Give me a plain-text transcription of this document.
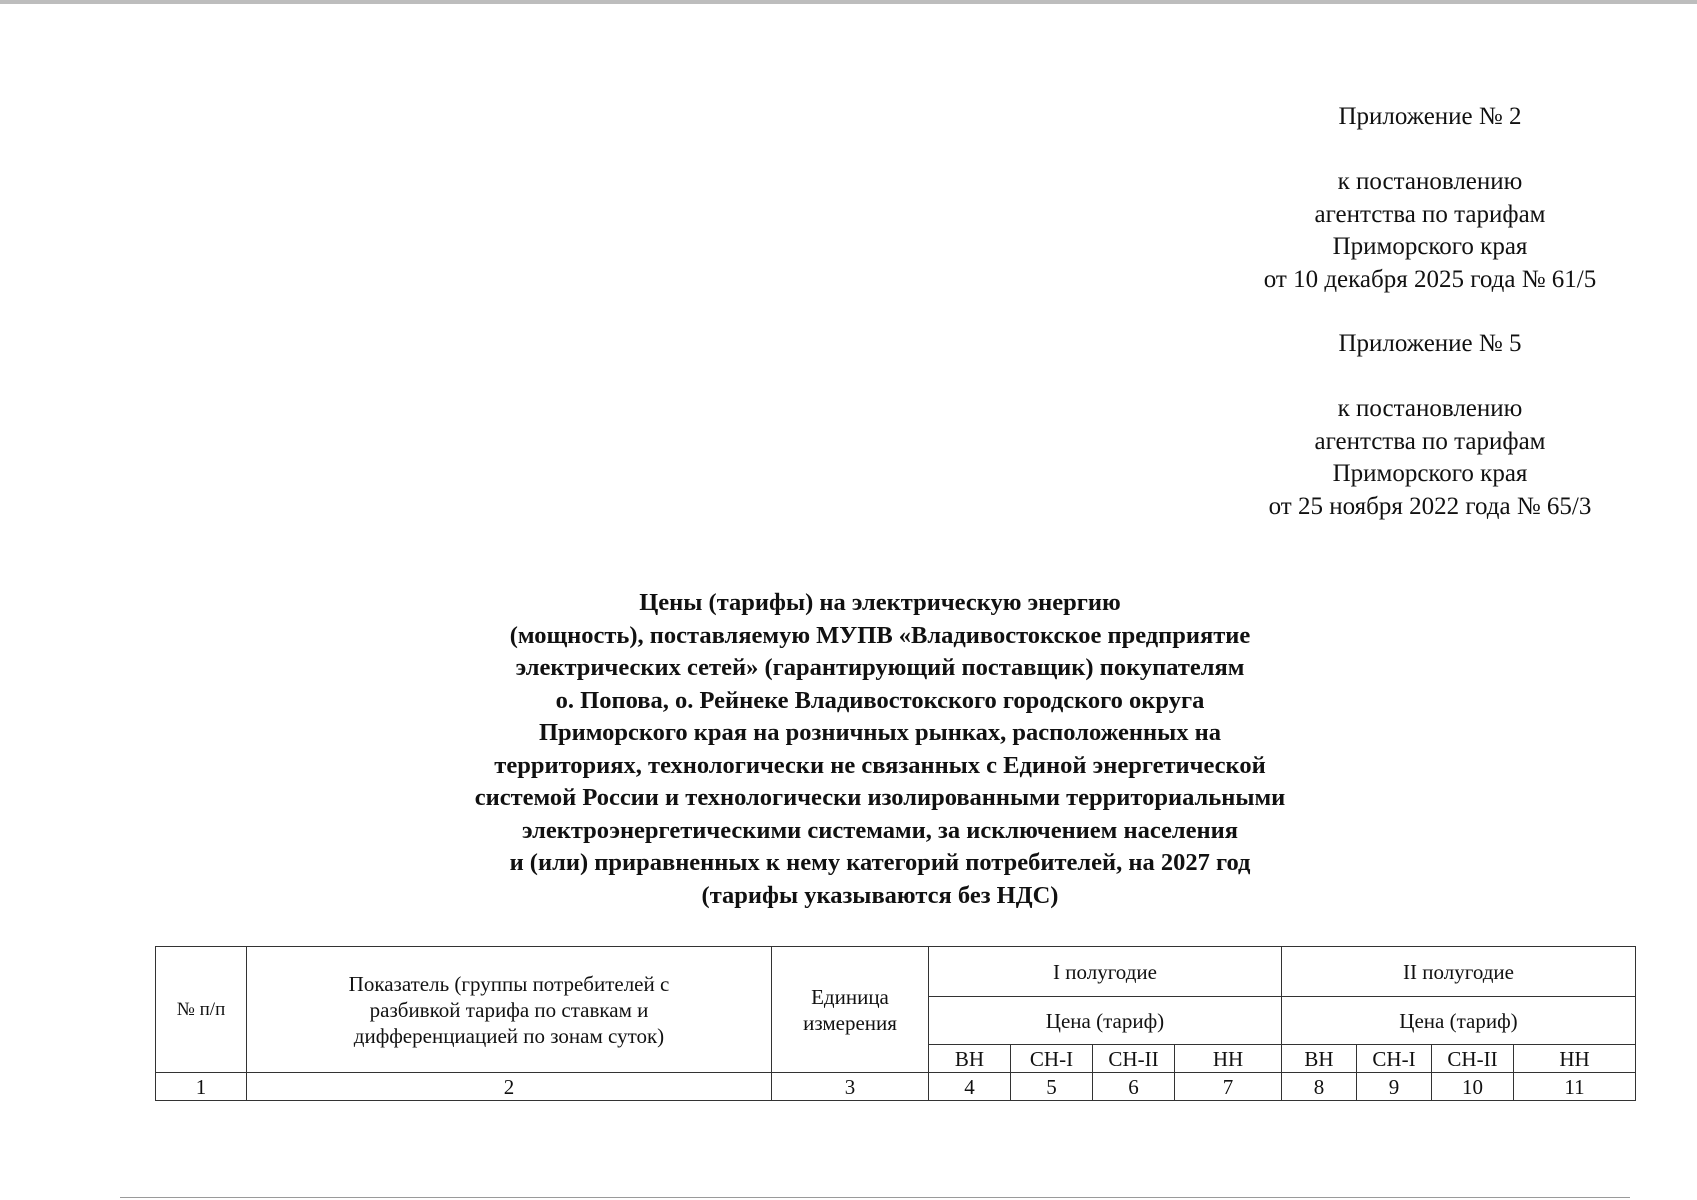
Приложение № 2
к постановлению
агентства по тарифам
Приморского края
от 10 декабря 2025 года № 61/5
Приложение № 5
к постановлению
агентства по тарифам
Приморского края
от 25 ноября 2022 года № 65/3
Цены (тарифы) на электрическую энергию
(мощность), поставляемую МУПВ «Владивостокское предприятие
электрических сетей» (гарантирующий поставщик) покупателям
о. Попова, о. Рейнеке Владивостокского городского округа
Приморского края на розничных рынках, расположенных на
территориях, технологически не связанных с Единой энергетической
системой России и технологически изолированными территориальными
электроэнергетическими системами, за исключением населения
и (или) приравненных к нему категорий потребителей, на 2027 год
(тарифы указываются без НДС)
№ п/п	Показатель (группы потребителей с разбивкой тарифа по ставкам и дифференциацией по зонам суток)	Единица измерения	I полугодие				II полугодие			
			Цена (тариф)				Цена (тариф)			
			ВН	СН-I	СН-II	НН	ВН	СН-I	СН-II	НН
1	2	3	4	5	6	7	8	9	10	11
